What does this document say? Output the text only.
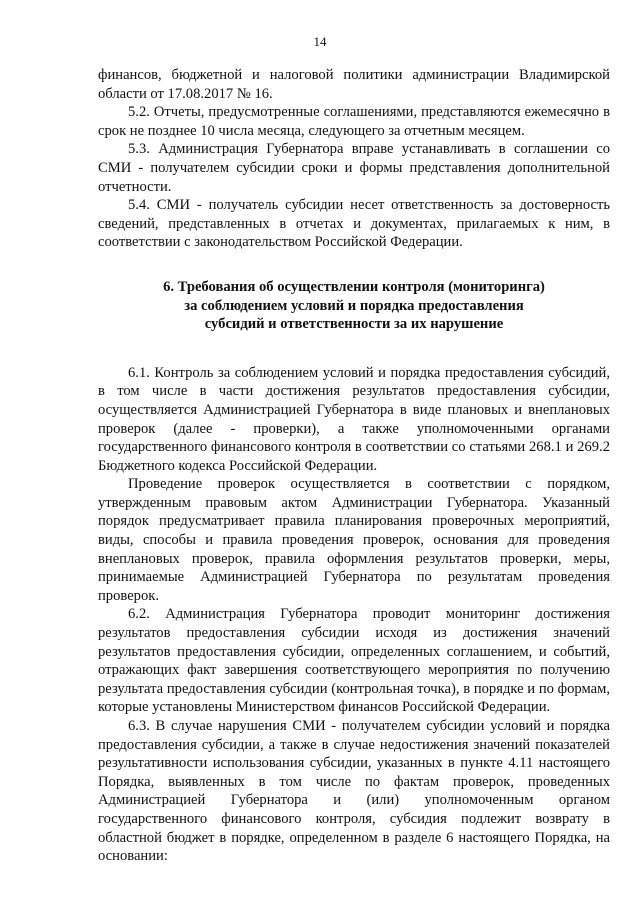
14

финансов, бюджетной и налоговой политики администрации Владимирской области от 17.08.2017 № 16.

5.2. Отчеты, предусмотренные соглашениями, представляются ежемесячно в срок не позднее 10 числа месяца, следующего за отчетным месяцем.

5.3. Администрация Губернатора вправе устанавливать в соглашении со СМИ - получателем субсидии сроки и формы представления дополнительной отчетности.

5.4. СМИ - получатель субсидии несет ответственность за достоверность сведений, представленных в отчетах и документах, прилагаемых к ним, в соответствии с законодательством Российской Федерации.

6. Требования об осуществлении контроля (мониторинга)
за соблюдением условий и порядка предоставления
субсидий и ответственности за их нарушение

6.1. Контроль за соблюдением условий и порядка предоставления субсидий, в том числе в части достижения результатов предоставления субсидии, осуществляется Администрацией Губернатора в виде плановых и внеплановых проверок (далее - проверки), а также уполномоченными органами государственного финансового контроля в соответствии со статьями 268.1 и 269.2 Бюджетного кодекса Российской Федерации.

Проведение проверок осуществляется в соответствии с порядком, утвержденным правовым актом Администрации Губернатора. Указанный порядок предусматривает правила планирования проверочных мероприятий, виды, способы и правила проведения проверок, основания для проведения внеплановых проверок, правила оформления результатов проверки, меры, принимаемые Администрацией Губернатора по результатам проведения проверок.

6.2. Администрация Губернатора проводит мониторинг достижения результатов предоставления субсидии исходя из достижения значений результатов предоставления субсидии, определенных соглашением, и событий, отражающих факт завершения соответствующего мероприятия по получению результата предоставления субсидии (контрольная точка), в порядке и по формам, которые установлены Министерством финансов Российской Федерации.

6.3. В случае нарушения СМИ - получателем субсидии условий и порядка предоставления субсидии, а также в случае недостижения значений показателей результативности использования субсидии, указанных в пункте 4.11 настоящего Порядка, выявленных в том числе по фактам проверок, проведенных Администрацией Губернатора и (или) уполномоченным органом государственного финансового контроля, субсидия подлежит возврату в областной бюджет в порядке, определенном в разделе 6 настоящего Порядка, на основании:
